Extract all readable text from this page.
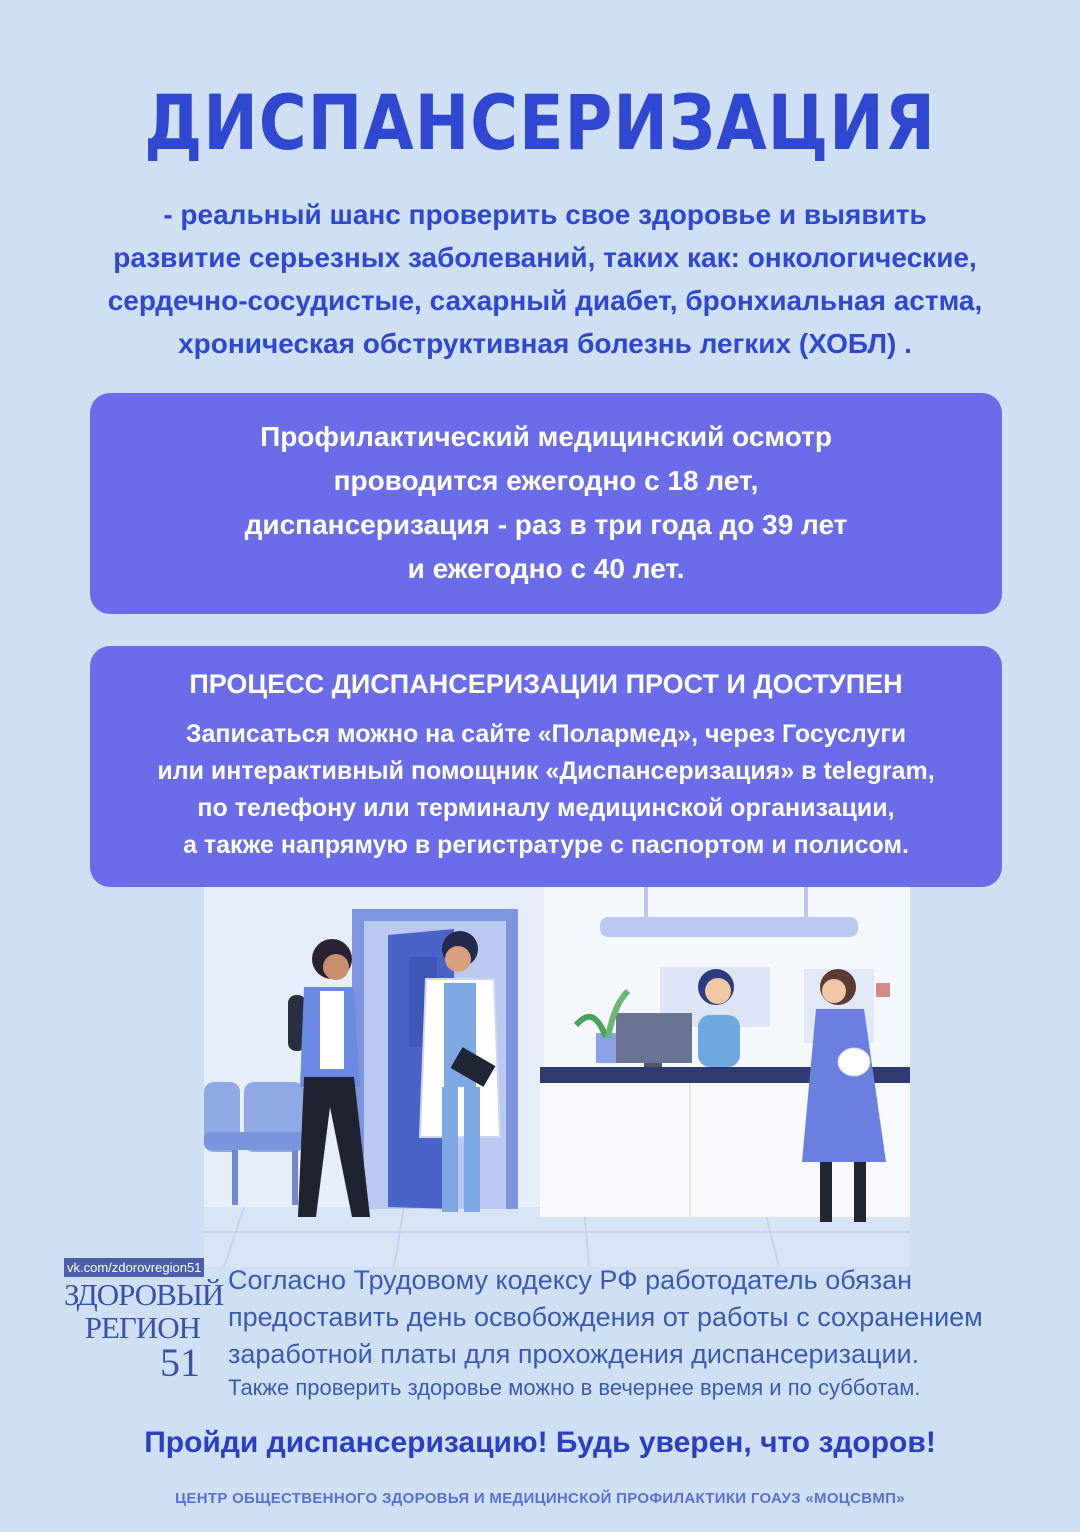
ДИСПАНСЕРИЗАЦИЯ
- реальный шанс проверить свое здоровье и выявить
развитие серьезных заболеваний, таких как: онкологические,
сердечно-сосудистые, сахарный диабет, бронхиальная астма,
хроническая обструктивная болезнь легких (ХОБЛ) .
Профилактический медицинский осмотр
проводится ежегодно с 18 лет,
диспансеризация - раз в три года до 39 лет
и ежегодно с 40 лет.
ПРОЦЕСС ДИСПАНСЕРИЗАЦИИ ПРОСТ И ДОСТУПЕН
Записаться можно на сайте «Полармед», через Госуслуги
или интерактивный помощник «Диспансеризация» в telegram,
по телефону или терминалу медицинской организации,
а также напрямую в регистратуре с паспортом и полисом.
vk.com/zdorovregion51
ЗДОРОВЫЙ
РЕГИОН
51
Согласно Трудовому кодексу РФ работодатель обязан
предоставить день освобождения от работы с сохранением
заработной платы для прохождения диспансеризации.
Также проверить здоровье можно в вечернее время и по субботам.
Пройди диспансеризацию! Будь уверен, что здоров!
ЦЕНТР ОБЩЕСТВЕННОГО ЗДОРОВЬЯ И МЕДИЦИНСКОЙ ПРОФИЛАКТИКИ ГОАУЗ «МОЦСВМП»
